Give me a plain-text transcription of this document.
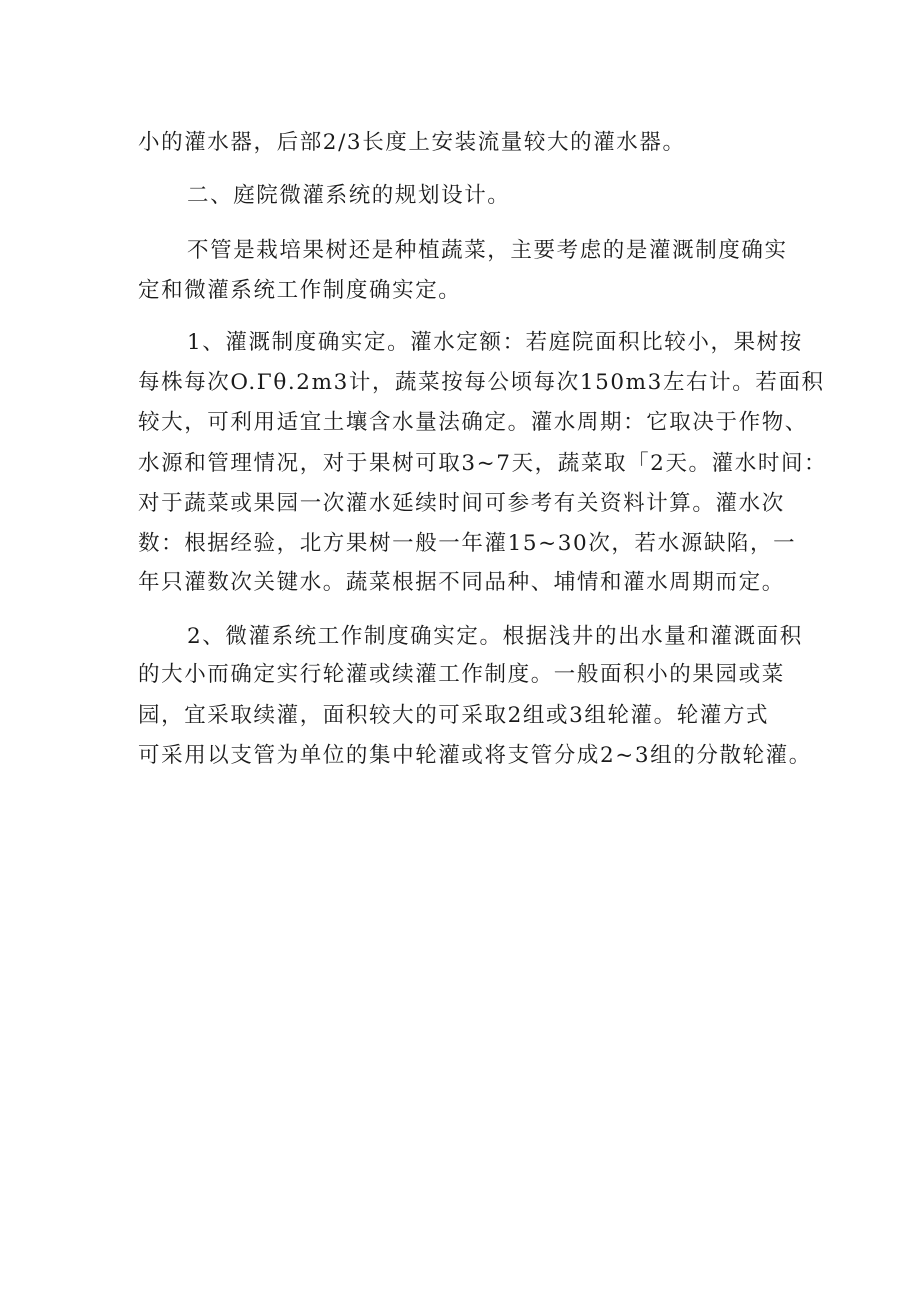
小的灌水器，后部2/3长度上安装流量较大的灌水器。

二、庭院微灌系统的规划设计。

不管是栽培果树还是种植蔬菜，主要考虑的是灌溉制度确实

定和微灌系统工作制度确实定。

1、灌溉制度确实定。灌水定额：若庭院面积比较小，果树按

每株每次O.Γθ.2m3计，蔬菜按每公顷每次150m3左右计。若面积

较大，可利用适宜土壤含水量法确定。灌水周期：它取决于作物、

水源和管理情况，对于果树可取3~7天，蔬菜取「2天。灌水时间：

对于蔬菜或果园一次灌水延续时间可参考有关资料计算。灌水次

数：根据经验，北方果树一般一年灌15~30次，若水源缺陷，一

年只灌数次关键水。蔬菜根据不同品种、埔情和灌水周期而定。

2、微灌系统工作制度确实定。根据浅井的出水量和灌溉面积

的大小而确定实行轮灌或续灌工作制度。一般面积小的果园或菜

园，宜采取续灌，面积较大的可采取2组或3组轮灌。轮灌方式

可采用以支管为单位的集中轮灌或将支管分成2~3组的分散轮灌。
